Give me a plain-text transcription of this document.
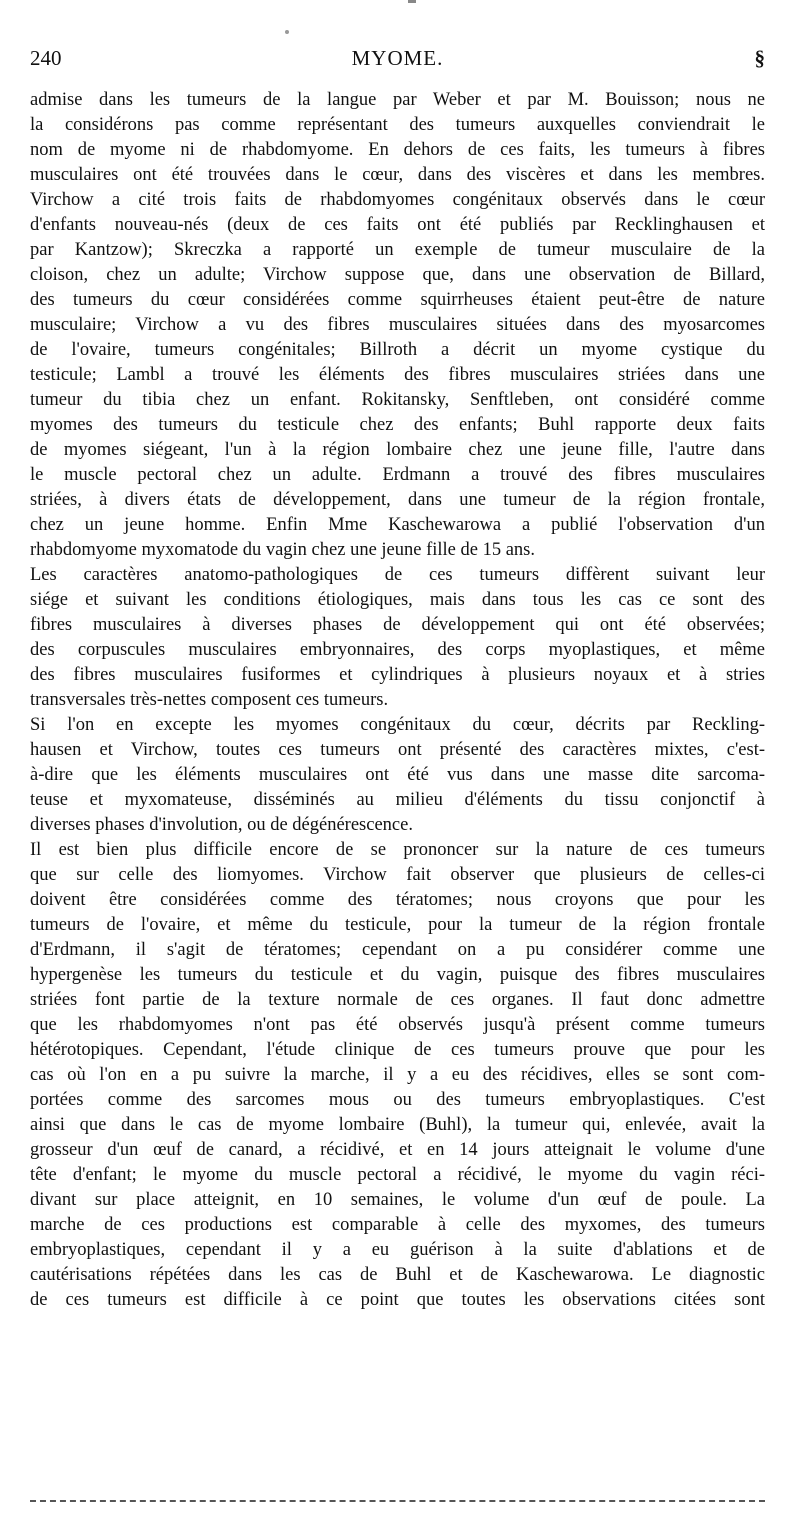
240	MYOME.	§
admise dans les tumeurs de la langue par Weber et par M. Bouisson; nous ne
la considérons pas comme représentant des tumeurs auxquelles conviendrait le
nom de myome ni de rhabdomyome. En dehors de ces faits, les tumeurs à fibres
musculaires ont été trouvées dans le cœur, dans des viscères et dans les membres.
Virchow a cité trois faits de rhabdomyomes congénitaux observés dans le cœur
d'enfants nouveau-nés (deux de ces faits ont été publiés par Recklinghausen et
par Kantzow); Skreczka a rapporté un exemple de tumeur musculaire de la
cloison, chez un adulte; Virchow suppose que, dans une observation de Billard,
des tumeurs du cœur considérées comme squirrheuses étaient peut-être de nature
musculaire; Virchow a vu des fibres musculaires situées dans des myosarcomes
de l'ovaire, tumeurs congénitales; Billroth a décrit un myome cystique du
testicule; Lambl a trouvé les éléments des fibres musculaires striées dans une
tumeur du tibia chez un enfant. Rokitansky, Senftleben, ont considéré comme
myomes des tumeurs du testicule chez des enfants; Buhl rapporte deux faits
de myomes siégeant, l'un à la région lombaire chez une jeune fille, l'autre dans
le muscle pectoral chez un adulte. Erdmann a trouvé des fibres musculaires
striées, à divers états de développement, dans une tumeur de la région frontale,
chez un jeune homme. Enfin Mme Kaschewarowa a publié l'observation d'un
rhabdomyome myxomatode du vagin chez une jeune fille de 15 ans.
Les caractères anatomo-pathologiques de ces tumeurs diffèrent suivant leur
siége et suivant les conditions étiologiques, mais dans tous les cas ce sont des
fibres musculaires à diverses phases de développement qui ont été observées;
des corpuscules musculaires embryonnaires, des corps myoplastiques, et même
des fibres musculaires fusiformes et cylindriques à plusieurs noyaux et à stries
transversales très-nettes composent ces tumeurs.
Si l'on en excepte les myomes congénitaux du cœur, décrits par Reckling-
hausen et Virchow, toutes ces tumeurs ont présenté des caractères mixtes, c'est-
à-dire que les éléments musculaires ont été vus dans une masse dite sarcoma-
teuse et myxomateuse, disséminés au milieu d'éléments du tissu conjonctif à
diverses phases d'involution, ou de dégénérescence.
Il est bien plus difficile encore de se prononcer sur la nature de ces tumeurs
que sur celle des liomyomes. Virchow fait observer que plusieurs de celles-ci
doivent être considérées comme des tératomes; nous croyons que pour les
tumeurs de l'ovaire, et même du testicule, pour la tumeur de la région frontale
d'Erdmann, il s'agit de tératomes; cependant on a pu considérer comme une
hypergenèse les tumeurs du testicule et du vagin, puisque des fibres musculaires
striées font partie de la texture normale de ces organes. Il faut donc admettre
que les rhabdomyomes n'ont pas été observés jusqu'à présent comme tumeurs
hétérotopiques. Cependant, l'étude clinique de ces tumeurs prouve que pour les
cas où l'on en a pu suivre la marche, il y a eu des récidives, elles se sont com-
portées comme des sarcomes mous ou des tumeurs embryoplastiques. C'est
ainsi que dans le cas de myome lombaire (Buhl), la tumeur qui, enlevée, avait la
grosseur d'un œuf de canard, a récidivé, et en 14 jours atteignait le volume d'une
tête d'enfant; le myome du muscle pectoral a récidivé, le myome du vagin réci-
divant sur place atteignit, en 10 semaines, le volume d'un œuf de poule. La
marche de ces productions est comparable à celle des myxomes, des tumeurs
embryoplastiques, cependant il y a eu guérison à la suite d'ablations et de
cautérisations répétées dans les cas de Buhl et de Kaschewarowa. Le diagnostic
de ces tumeurs est difficile à ce point que toutes les observations citées sont
